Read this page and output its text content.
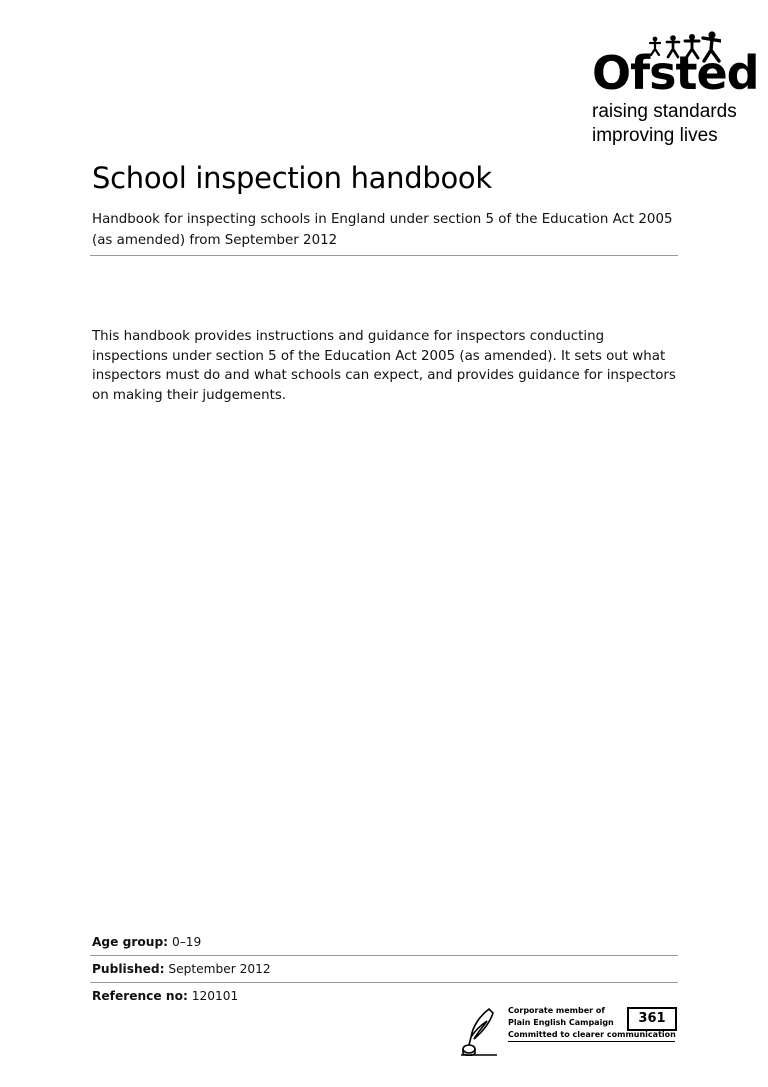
Ofsted
raising standards
improving lives
School inspection handbook

Handbook for inspecting schools in England under section 5 of the Education Act 2005 (as amended) from September 2012

This handbook provides instructions and guidance for inspectors conducting inspections under section 5 of the Education Act 2005 (as amended). It sets out what inspectors must do and what schools can expect, and provides guidance for inspectors on making their judgements.

Age group: 0–19
Published: September 2012
Reference no: 120101
Corporate member of
Plain English Campaign
Committed to clearer communication
361
